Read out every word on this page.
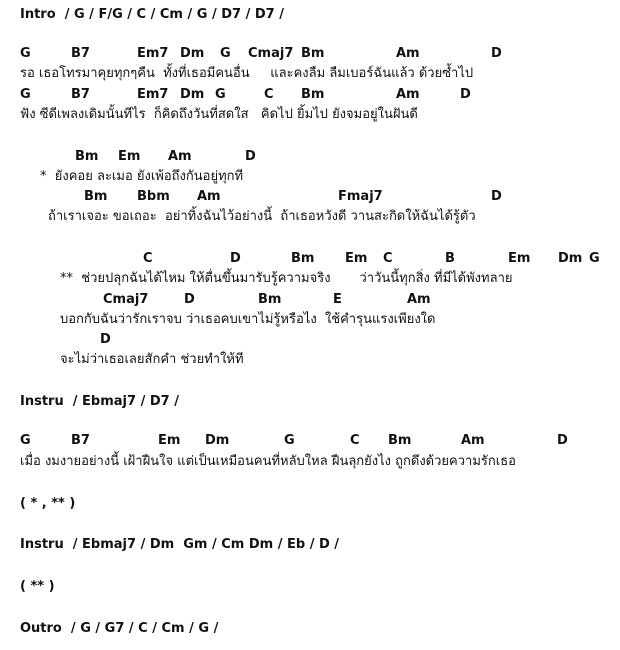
Intro  / G / F/G / C / Cm / G / D7 / D7 /
G	B7	Em7 Dm G Cmaj7 Bm	Am	D
รอ เธอโทรมาคุยทุกๆคืน  ทั้งที่เธอมีคนอื่น     และคงลืม ลืมเบอร์ฉันแล้ว ด้วยซ้ำไป
G	B7	Em7 Dm G	C Bm	Am	D
ฟัง ซีดีเพลงเดิมนั้นทีไร  ก็คิดถึงวันที่สดใส   คิดไป ยิ้มไป ยังจมอยู่ในฝันดี
Bm Em Am	D
*  ยังคอย ละเมอ ยังเพ้อถึงกันอยู่ทุกที
Bm Bbm Am	Fmaj7	D
ถ้าเราเจอะ ขอเถอะ  อย่าทิ้งฉันไว้อย่างนี้  ถ้าเธอหวังดี วานสะกิดให้ฉันได้รู้ตัว
C	D	Bm Em C	B	Em Dm G
**  ช่วยปลุกฉันได้ไหม ให้ตื่นขึ้นมารับรู้ความจริง       ว่าวันนี้ทุกสิ่ง ที่มีได้พังทลาย
Cmaj7	D	Bm	E	Am
บอกกับฉันว่ารักเราจบ ว่าเธอคบเขาไม่รู้หรือไง  ใช้คำรุนแรงเพียงใด
D
จะไม่ว่าเธอเลยสักคำ ช่วยทำให้ที
Instru  / Ebmaj7 / D7 /
G	B7	Em Dm	G	C Bm	Am	D
เมื่อ งมงายอย่างนี้ เฝ้าฝืนใจ แต่เป็นเหมือนคนที่หลับใหล ฝืนลุกยังไง ถูกดึงด้วยความรักเธอ
( * , ** )
Instru  / Ebmaj7 / Dm  Gm / Cm Dm / Eb / D /
( ** )
Outro  / G / G7 / C / Cm / G /
